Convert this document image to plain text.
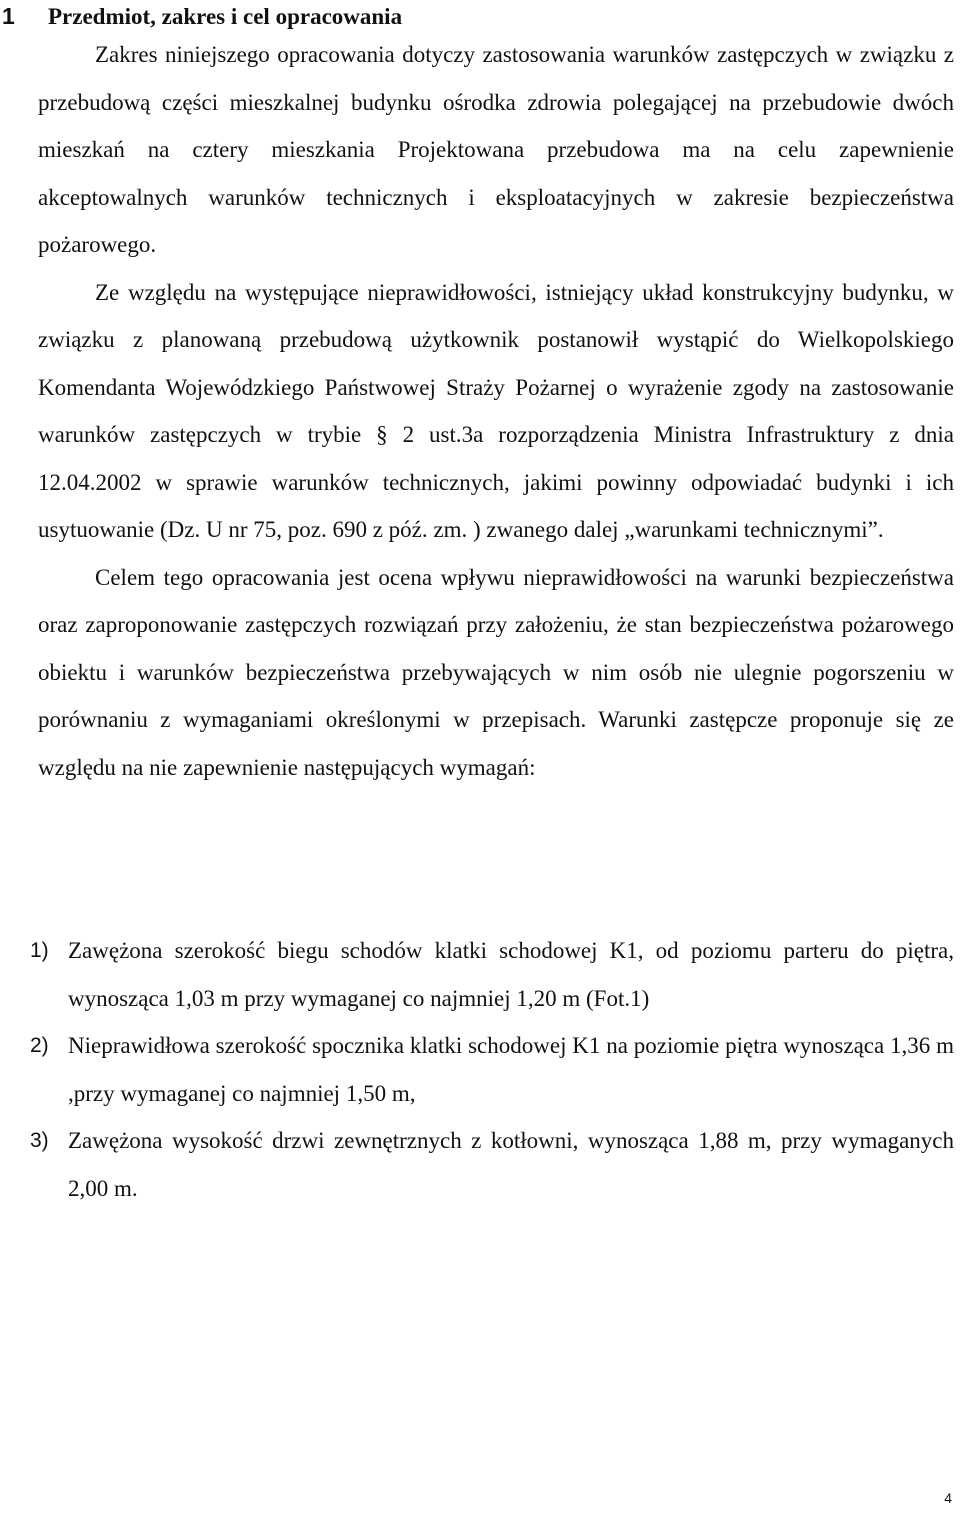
1 Przedmiot, zakres i cel opracowania

Zakres niniejszego opracowania dotyczy zastosowania warunków zastępczych w związku z przebudową części mieszkalnej budynku ośrodka zdrowia polegającej na przebudowie dwóch mieszkań na cztery mieszkania Projektowana przebudowa ma na celu zapewnienie akceptowalnych warunków technicznych i eksploatacyjnych w zakresie bezpieczeństwa pożarowego.

Ze względu na występujące nieprawidłowości, istniejący układ konstrukcyjny budynku, w związku z planowaną przebudową użytkownik postanowił wystąpić do Wielkopolskiego Komendanta Wojewódzkiego Państwowej Straży Pożarnej o wyrażenie zgody na zastosowanie warunków zastępczych w trybie § 2 ust.3a rozporządzenia Ministra Infrastruktury z dnia 12.04.2002 w sprawie warunków technicznych, jakimi powinny odpowiadać budynki i ich usytuowanie (Dz. U nr 75, poz. 690 z póź. zm. ) zwanego dalej „warunkami technicznymi”.

Celem tego opracowania jest ocena wpływu nieprawidłowości na warunki bezpieczeństwa oraz zaproponowanie zastępczych rozwiązań przy założeniu, że stan bezpieczeństwa pożarowego obiektu i warunków bezpieczeństwa przebywających w nim osób nie ulegnie pogorszeniu w porównaniu z wymaganiami określonymi w przepisach. Warunki zastępcze proponuje się ze względu na nie zapewnienie następujących wymagań:

1) Zawężona szerokość biegu schodów klatki schodowej K1, od poziomu parteru do piętra, wynosząca 1,03 m przy wymaganej co najmniej 1,20 m (Fot.1)
2) Nieprawidłowa szerokość spocznika klatki schodowej K1 na poziomie piętra wynosząca 1,36 m ,przy wymaganej co najmniej 1,50 m,
3) Zawężona wysokość drzwi zewnętrznych z kotłowni, wynosząca 1,88 m, przy wymaganych 2,00 m.
4
